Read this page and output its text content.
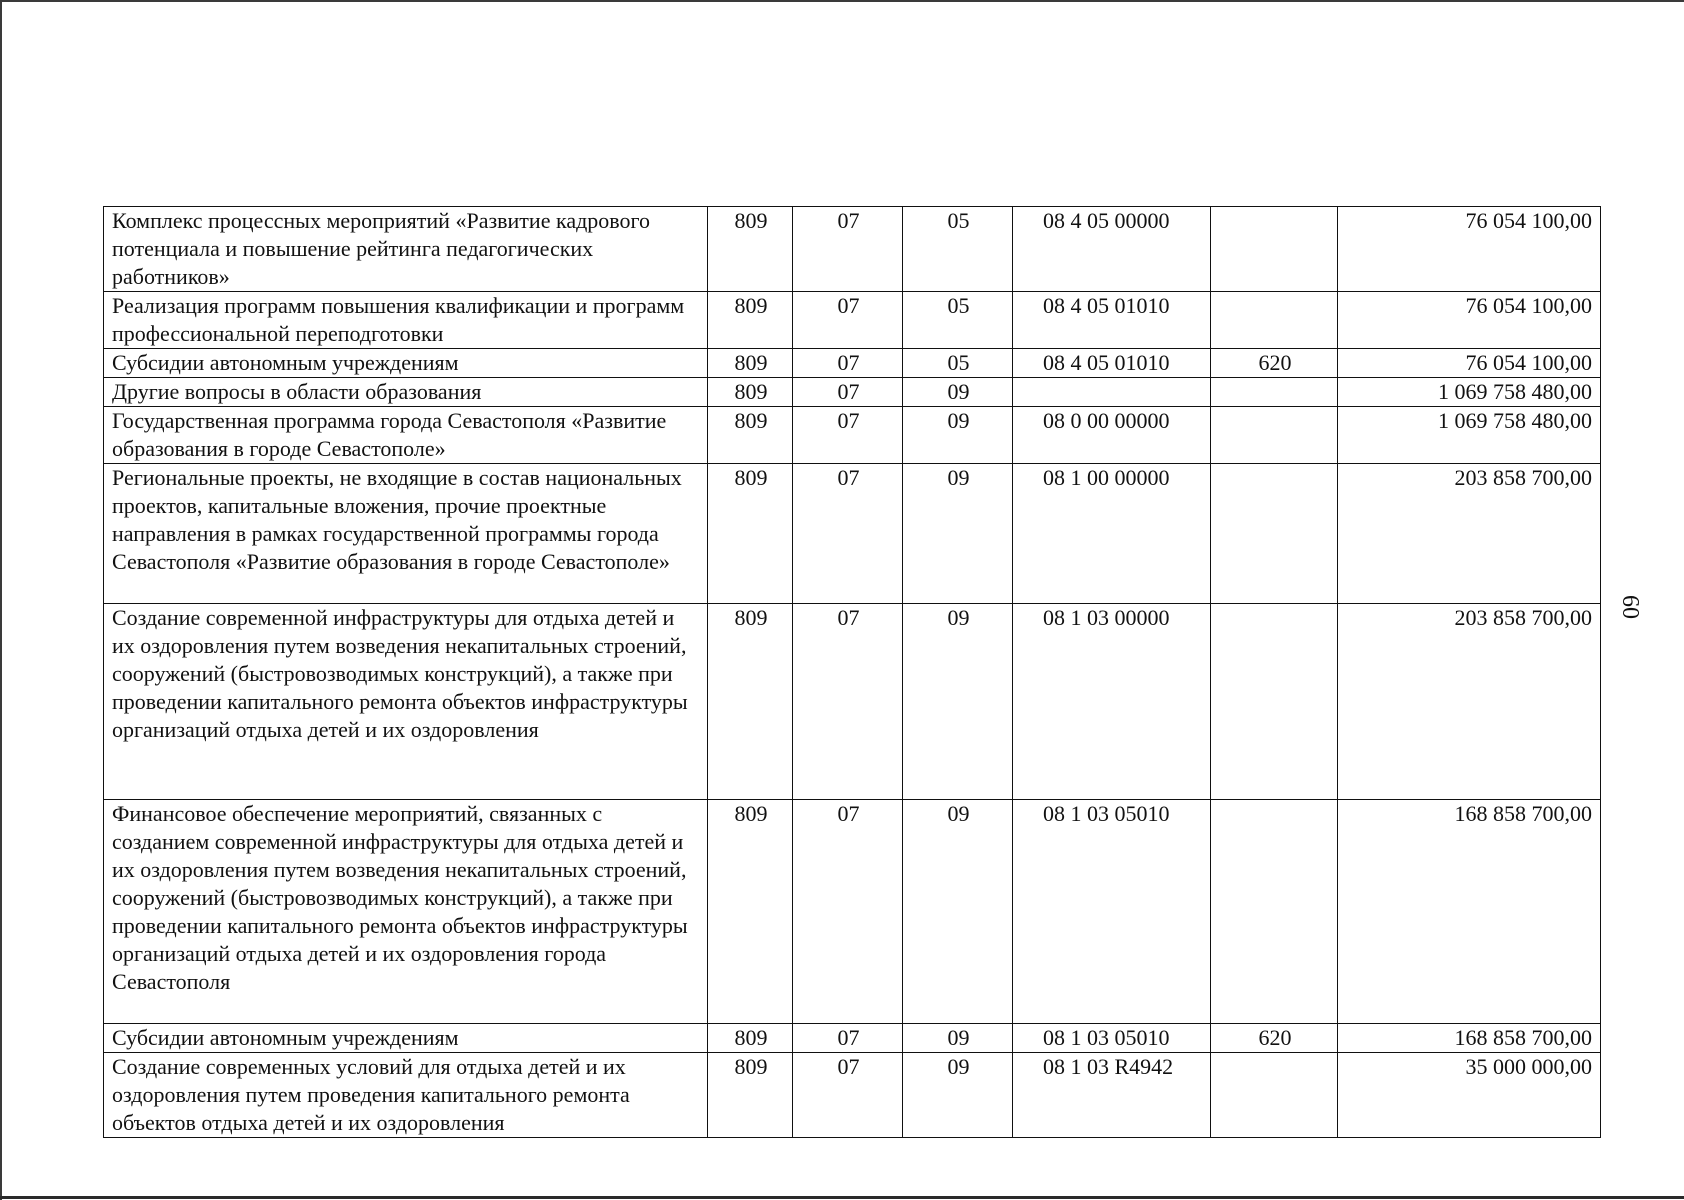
Комплекс процессных мероприятий «Развитие кадрового потенциала и повышение рейтинга педагогических работников»	809	07	05	08 4 05 00000		76 054 100,00
Реализация программ повышения квалификации и программ профессиональной переподготовки	809	07	05	08 4 05 01010		76 054 100,00
Субсидии автономным учреждениям	809	07	05	08 4 05 01010	620	76 054 100,00
Другие вопросы в области образования	809	07	09			1 069 758 480,00
Государственная программа города Севастополя «Развитие образования в городе Севастополе»	809	07	09	08 0 00 00000		1 069 758 480,00
Региональные проекты, не входящие в состав национальных проектов, капитальные вложения, прочие проектные направления в рамках государственной программы города Севастополя «Развитие образования в городе Севастополе»	809	07	09	08 1 00 00000		203 858 700,00
Создание современной инфраструктуры для отдыха детей и их оздоровления путем возведения некапитальных строений, сооружений (быстровозводимых конструкций), а также при проведении капитального ремонта объектов инфраструктуры организаций отдыха детей и их оздоровления	809	07	09	08 1 03 00000		203 858 700,00
Финансовое обеспечение мероприятий, связанных с созданием современной инфраструктуры для отдыха детей и их оздоровления путем возведения некапитальных строений, сооружений (быстровозводимых конструкций), а также при проведении капитального ремонта объектов инфраструктуры организаций отдыха детей и их оздоровления города Севастополя	809	07	09	08 1 03 05010		168 858 700,00
Субсидии автономным учреждениям	809	07	09	08 1 03 05010	620	168 858 700,00
Создание современных условий для отдыха детей и их оздоровления путем проведения капитального ремонта объектов отдыха детей и их оздоровления	809	07	09	08 1 03 R4942		35 000 000,00
60
